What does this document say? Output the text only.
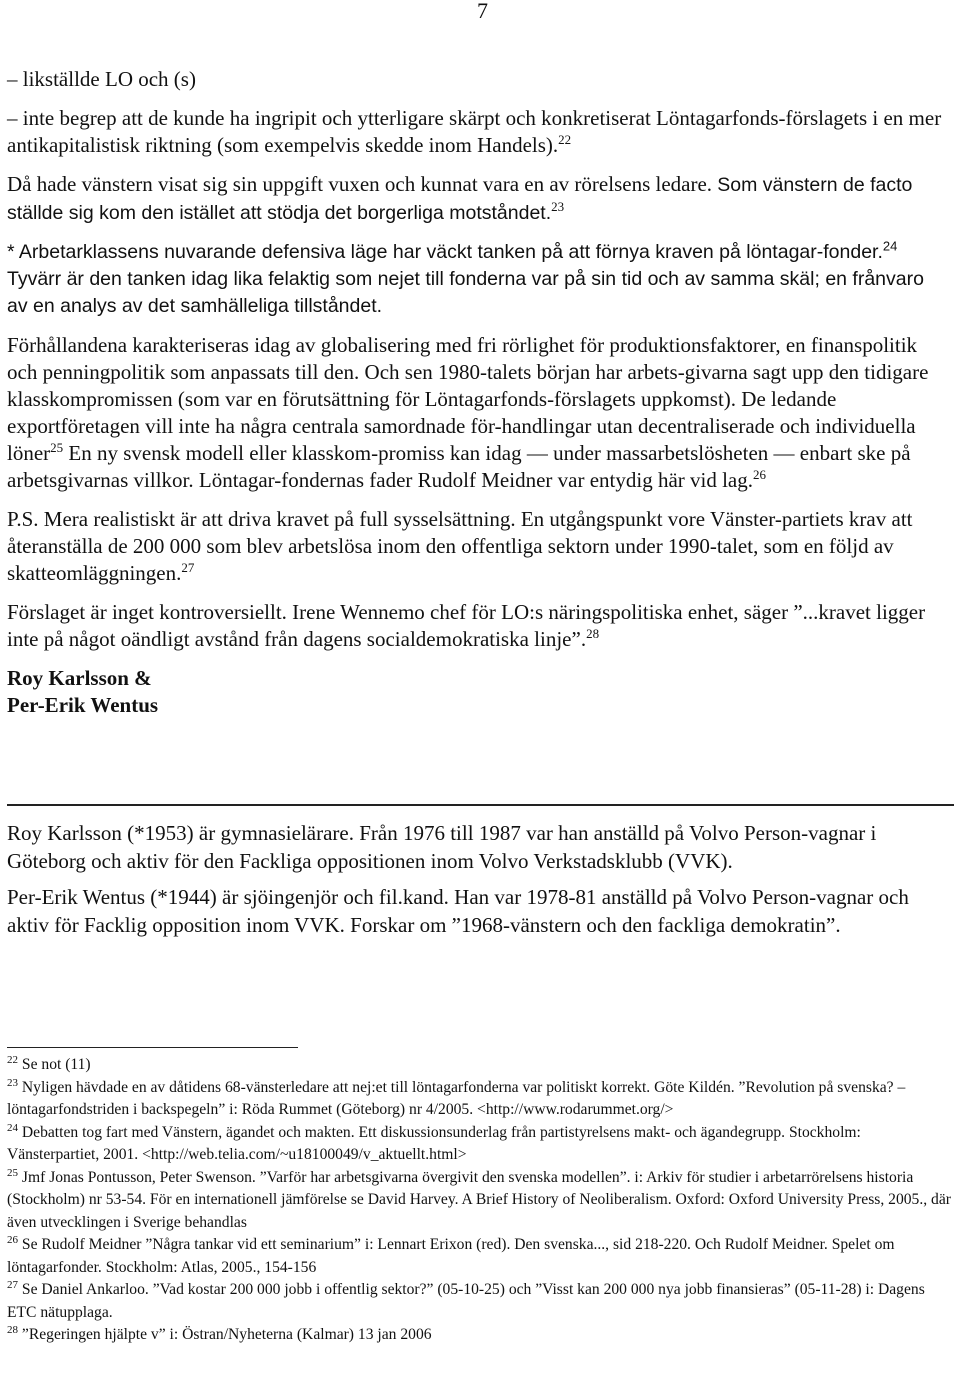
7

– likställde LO och (s)

– inte begrep att de kunde ha ingripit och ytterligare skärpt och konkretiserat Löntagarfonds-förslagets i en mer antikapitalistisk riktning (som exempelvis skedde inom Handels).$^{22}$

Då hade vänstern visat sig sin uppgift vuxen och kunnat vara en av rörelsens ledare. Som vänstern de facto ställde sig kom den istället att stödja det borgerliga motståndet.$^{23}$

* Arbetarklassens nuvarande defensiva läge har väckt tanken på att förnya kraven på löntagar-fonder.$^{24}$ Tyvärr är den tanken idag lika felaktig som nejet till fonderna var på sin tid och av samma skäl; en frånvaro av en analys av det samhälleliga tillståndet.

Förhållandena karakteriseras idag av globalisering med fri rörlighet för produktionsfaktorer, en finanspolitik och penningpolitik som anpassats till den. Och sen 1980-talets början har arbets-givarna sagt upp den tidigare klasskompromissen (som var en förutsättning för Löntagarfonds-förslagets uppkomst). De ledande exportföretagen vill inte ha några centrala samordnade för-handlingar utan decentraliserade och individuella löner$^{25}$ En ny svensk modell eller klasskom-promiss kan idag — under massarbetslösheten — enbart ske på arbetsgivarnas villkor. Löntagar-fondernas fader Rudolf Meidner var entydig här vid lag.$^{26}$

P.S. Mera realistiskt är att driva kravet på full sysselsättning. En utgångspunkt vore Vänster-partiets krav att återanställa de 200 000 som blev arbetslösa inom den offentliga sektorn under 1990-talet, som en följd av skatteomläggningen.$^{27}$

Förslaget är inget kontroversiellt. Irene Wennemo chef för LO:s näringspolitiska enhet, säger ”...kravet ligger inte på något oändligt avstånd från dagens socialdemokratiska linje”.$^{28}$

Roy Karlsson &
Per-Erik Wentus

Roy Karlsson (*1953) är gymnasielärare. Från 1976 till 1987 var han anställd på Volvo Person-vagnar i Göteborg och aktiv för den Fackliga oppositionen inom Volvo Verkstadsklubb (VVK).

Per-Erik Wentus (*1944) är sjöingenjör och fil.kand. Han var 1978-81 anställd på Volvo Person-vagnar och aktiv för Facklig opposition inom VVK. Forskar om ”1968-vänstern och den fackliga demokratin”.

$^{22}$ Se not (11)

$^{23}$ Nyligen hävdade en av dåtidens 68-vänsterledare att nej:et till löntagarfonderna var politiskt korrekt. Göte Kildén. ”Revolution på svenska? – löntagarfondstriden i backspegeln” i: Röda Rummet (Göteborg) nr 4/2005. <http://www.rodarummet.org/>

$^{24}$ Debatten tog fart med Vänstern, ägandet och makten. Ett diskussionsunderlag från partistyrelsens makt- och ägandegrupp. Stockholm: Vänsterpartiet, 2001. <http://web.telia.com/~u18100049/v_aktuellt.html>

$^{25}$ Jmf Jonas Pontusson, Peter Swenson. ”Varför har arbetsgivarna övergivit den svenska modellen”. i: Arkiv för studier i arbetarrörelsens historia (Stockholm) nr 53-54. För en internationell jämförelse se David Harvey. A Brief History of Neoliberalism. Oxford: Oxford University Press, 2005., där även utvecklingen i Sverige behandlas

$^{26}$ Se Rudolf Meidner ”Några tankar vid ett seminarium” i: Lennart Erixon (red). Den svenska..., sid 218-220. Och Rudolf Meidner. Spelet om löntagarfonder. Stockholm: Atlas, 2005., 154-156

$^{27}$ Se Daniel Ankarloo. ”Vad kostar 200 000 jobb i offentlig sektor?” (05-10-25) och ”Visst kan 200 000 nya jobb finansieras” (05-11-28) i: Dagens ETC nätupplaga.

$^{28}$ ”Regeringen hjälpte v” i: Östran/Nyheterna (Kalmar) 13 jan 2006
